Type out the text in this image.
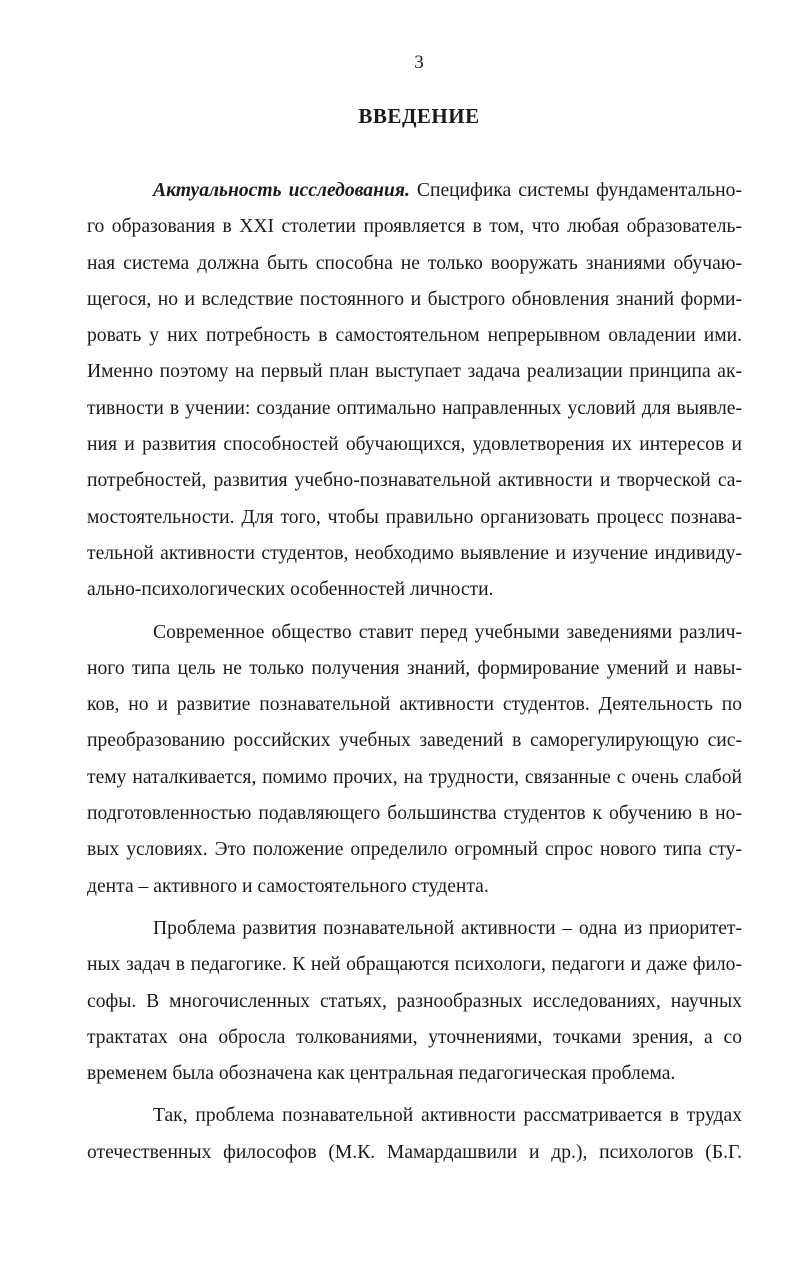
3
ВВЕДЕНИЕ
Актуальность исследования. Специфика системы фундаментально-
го образования в XXI столетии проявляется в том, что любая образователь-
ная система должна быть способна не только вооружать знаниями обучаю-
щегося, но и вследствие постоянного и быстрого обновления знаний форми-
ровать у них потребность в самостоятельном непрерывном овладении ими.
Именно поэтому на первый план выступает задача реализации принципа ак-
тивности в учении: создание оптимально направленных условий для выявле-
ния и развития способностей обучающихся, удовлетворения их интересов и
потребностей, развития учебно-познавательной активности и творческой са-
мостоятельности. Для того, чтобы правильно организовать процесс познава-
тельной активности студентов, необходимо выявление и изучение индивиду-
ально-психологических особенностей личности.
Современное общество ставит перед учебными заведениями различ-
ного типа цель не только получения знаний, формирование умений и навы-
ков, но и развитие познавательной активности студентов. Деятельность по
преобразованию российских учебных заведений в саморегулирующую сис-
тему наталкивается, помимо прочих, на трудности, связанные с очень слабой
подготовленностью подавляющего большинства студентов к обучению в но-
вых условиях. Это положение определило огромный спрос нового типа сту-
дента – активного и самостоятельного студента.
Проблема развития познавательной активности – одна из приоритет-
ных задач в педагогике. К ней обращаются психологи, педагоги и даже фило-
софы. В многочисленных статьях, разнообразных исследованиях, научных
трактатах она обросла толкованиями, уточнениями, точками зрения, а со
временем была обозначена как центральная педагогическая проблема.
Так, проблема познавательной активности рассматривается в трудах
отечественных философов (М.К. Мамардашвили и др.), психологов (Б.Г.
